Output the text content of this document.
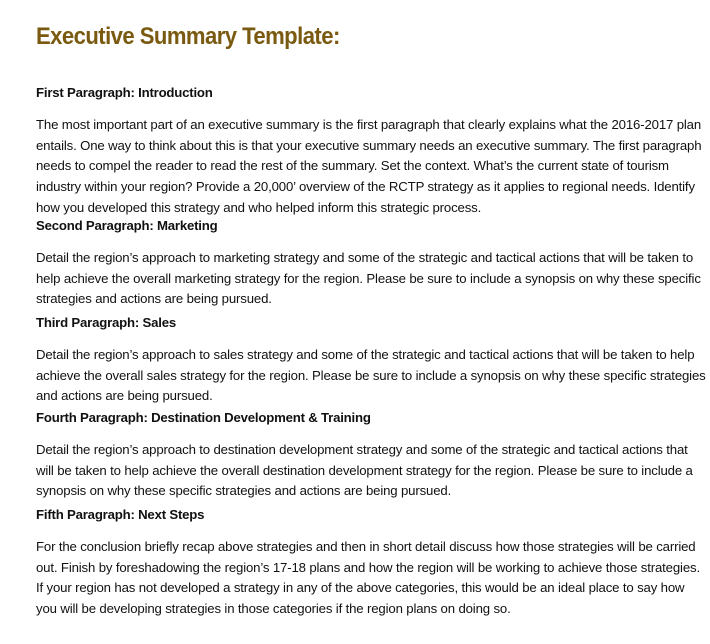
Executive Summary Template:
First Paragraph: Introduction

The most important part of an executive summary is the first paragraph that clearly explains what the 2016-2017 plan
entails. One way to think about this is that your executive summary needs an executive summary. The first paragraph
needs to compel the reader to read the rest of the summary. Set the context. What’s the current state of tourism
industry within your region? Provide a 20,000’ overview of the RCTP strategy as it applies to regional needs. Identify
how you developed this strategy and who helped inform this strategic process.

Second Paragraph: Marketing

Detail the region’s approach to marketing strategy and some of the strategic and tactical actions that will be taken to
help achieve the overall marketing strategy for the region. Please be sure to include a synopsis on why these specific
strategies and actions are being pursued.

Third Paragraph: Sales

Detail the region’s approach to sales strategy and some of the strategic and tactical actions that will be taken to help
achieve the overall sales strategy for the region. Please be sure to include a synopsis on why these specific strategies
and actions are being pursued.

Fourth Paragraph: Destination Development & Training

Detail the region’s approach to destination development strategy and some of the strategic and tactical actions that
will be taken to help achieve the overall destination development strategy for the region. Please be sure to include a
synopsis on why these specific strategies and actions are being pursued.

Fifth Paragraph: Next Steps

For the conclusion briefly recap above strategies and then in short detail discuss how those strategies will be carried
out. Finish by foreshadowing the region’s 17-18 plans and how the region will be working to achieve those strategies.
If your region has not developed a strategy in any of the above categories, this would be an ideal place to say how
you will be developing strategies in those categories if the region plans on doing so.
